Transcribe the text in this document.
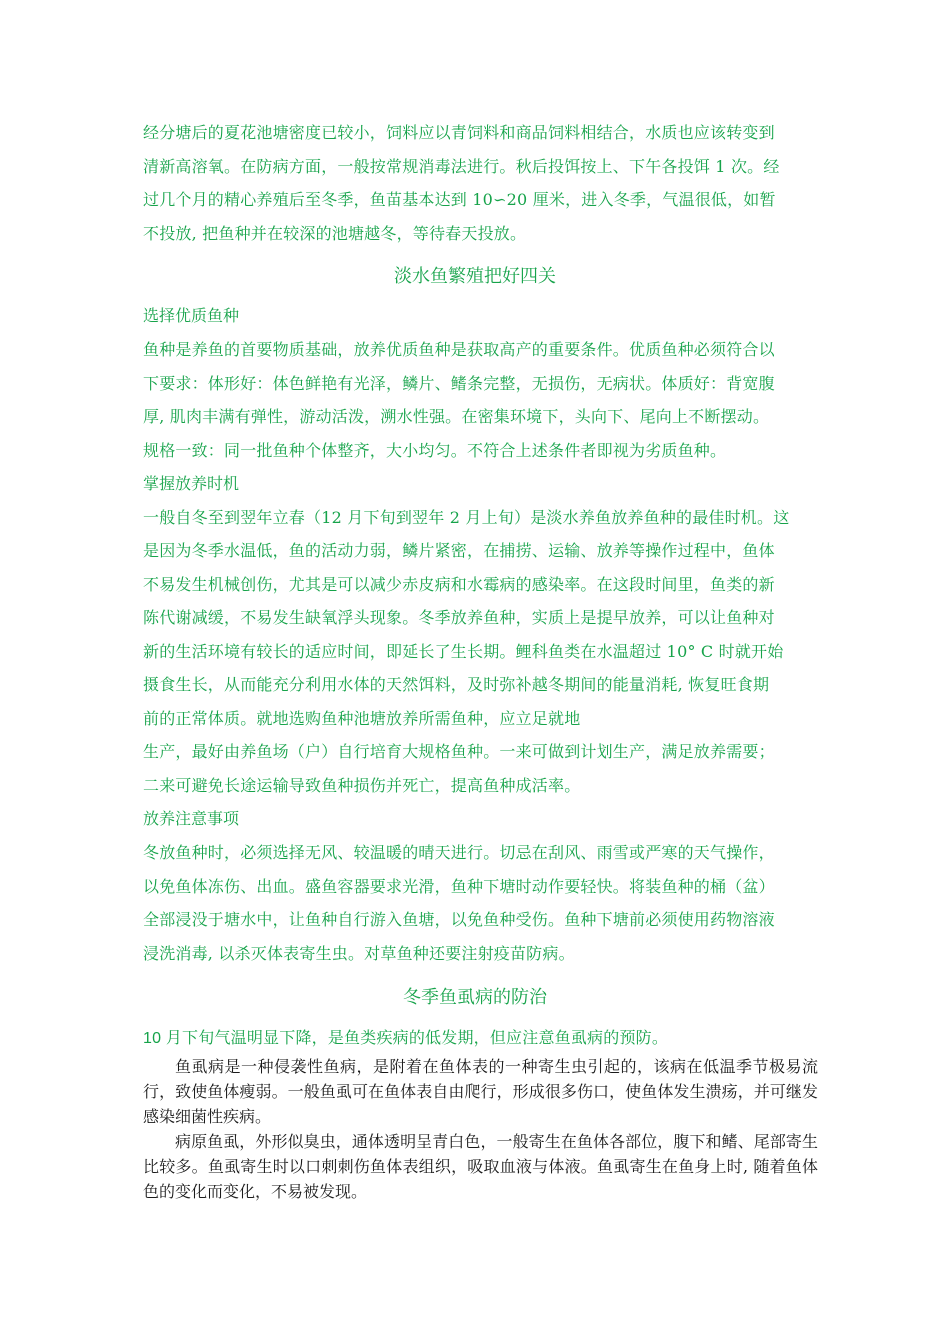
经分塘后的夏花池塘密度已较小，饲料应以青饲料和商品饲料相结合，水质也应该转变到
清新高溶氧。在防病方面，一般按常规消毒法进行。秋后投饵按上、下午各投饵 1 次。经
过几个月的精心养殖后至冬季，鱼苗基本达到 10∽20 厘米，进入冬季，气温很低，如暂
不投放, 把鱼种并在较深的池塘越冬，等待春天投放。
淡水鱼繁殖把好四关
选择优质鱼种
鱼种是养鱼的首要物质基础，放养优质鱼种是获取高产的重要条件。优质鱼种必须符合以
下要求：体形好：体色鲜艳有光泽，鳞片、鳍条完整，无损伤，无病状。体质好：背宽腹
厚, 肌肉丰满有弹性，游动活泼，溯水性强。在密集环境下，头向下、尾向上不断摆动。
规格一致：同一批鱼种个体整齐，大小均匀。不符合上述条件者即视为劣质鱼种。
掌握放养时机
一般自冬至到翌年立春（12 月下旬到翌年 2 月上旬）是淡水养鱼放养鱼种的最佳时机。这
是因为冬季水温低，鱼的活动力弱，鳞片紧密，在捕捞、运输、放养等操作过程中，鱼体
不易发生机械创伤，尤其是可以减少赤皮病和水霉病的感染率。在这段时间里，鱼类的新
陈代谢减缓，不易发生缺氧浮头现象。冬季放养鱼种，实质上是提早放养，可以让鱼种对
新的生活环境有较长的适应时间，即延长了生长期。鲤科鱼类在水温超过 10° C 时就开始
摄食生长，从而能充分利用水体的天然饵料，及时弥补越冬期间的能量消耗, 恢复旺食期
前的正常体质。就地选购鱼种池塘放养所需鱼种，应立足就地
生产，最好由养鱼场（户）自行培育大规格鱼种。一来可做到计划生产，满足放养需要；
二来可避免长途运输导致鱼种损伤并死亡，提高鱼种成活率。
放养注意事项
冬放鱼种时，必须选择无风、较温暖的晴天进行。切忌在刮风、雨雪或严寒的天气操作，
以免鱼体冻伤、出血。盛鱼容器要求光滑，鱼种下塘时动作要轻快。将装鱼种的桶（盆）
全部浸没于塘水中，让鱼种自行游入鱼塘，以免鱼种受伤。鱼种下塘前必须使用药物溶液
浸洗消毒, 以杀灭体表寄生虫。对草鱼种还要注射疫苗防病。
冬季鱼虱病的防治
10 月下旬气温明显下降，是鱼类疾病的低发期，但应注意鱼虱病的预防。
鱼虱病是一种侵袭性鱼病，是附着在鱼体表的一种寄生虫引起的，该病在低温季节极易流行，致使鱼体瘦弱。一般鱼虱可在鱼体表自由爬行，形成很多伤口，使鱼体发生溃疡，并可继发感染细菌性疾病。
病原鱼虱，外形似臭虫，通体透明呈青白色，一般寄生在鱼体各部位，腹下和鳍、尾部寄生比较多。鱼虱寄生时以口刺刺伤鱼体表组织，吸取血液与体液。鱼虱寄生在鱼身上时, 随着鱼体色的变化而变化，不易被发现。
